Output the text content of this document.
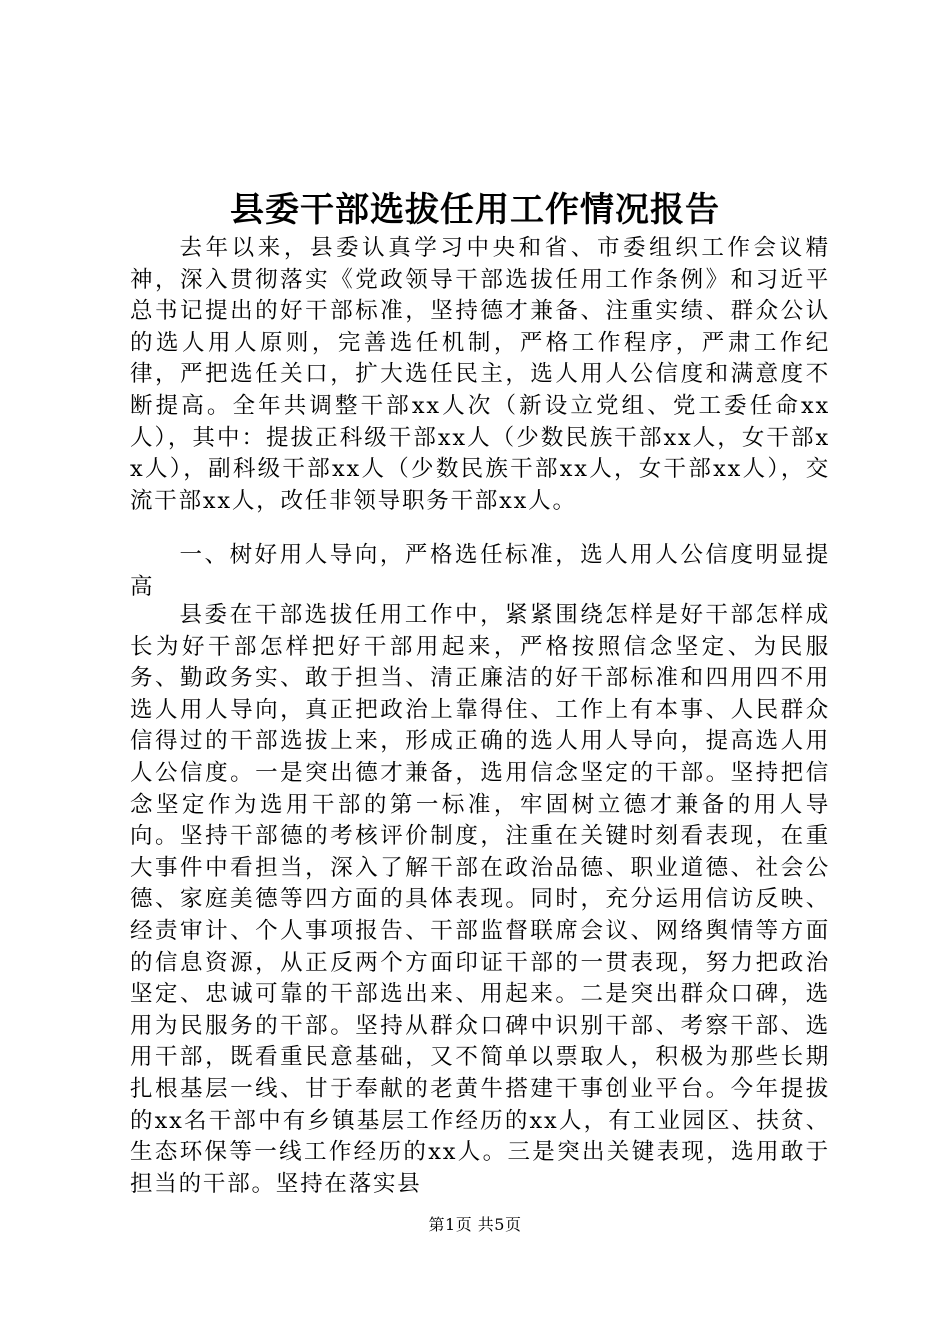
县委干部选拔任用工作情况报告

去年以来，县委认真学习中央和省、市委组织工作会议精神，深入贯彻落实《党政领导干部选拔任用工作条例》和习近平总书记提出的好干部标准，坚持德才兼备、注重实绩、群众公认的选人用人原则，完善选任机制，严格工作程序，严肃工作纪律，严把选任关口，扩大选任民主，选人用人公信度和满意度不断提高。全年共调整干部xx人次（新设立党组、党工委任命xx人），其中：提拔正科级干部xx人（少数民族干部xx人，女干部xx人），副科级干部xx人（少数民族干部xx人，女干部xx人），交流干部xx人，改任非领导职务干部xx人。

一、树好用人导向，严格选任标准，选人用人公信度明显提高

县委在干部选拔任用工作中，紧紧围绕怎样是好干部怎样成长为好干部怎样把好干部用起来，严格按照信念坚定、为民服务、勤政务实、敢于担当、清正廉洁的好干部标准和四用四不用选人用人导向，真正把政治上靠得住、工作上有本事、人民群众信得过的干部选拔上来，形成正确的选人用人导向，提高选人用人公信度。一是突出德才兼备，选用信念坚定的干部。坚持把信念坚定作为选用干部的第一标准，牢固树立德才兼备的用人导向。坚持干部德的考核评价制度，注重在关键时刻看表现，在重大事件中看担当，深入了解干部在政治品德、职业道德、社会公德、家庭美德等四方面的具体表现。同时，充分运用信访反映、经责审计、个人事项报告、干部监督联席会议、网络舆情等方面的信息资源，从正反两个方面印证干部的一贯表现，努力把政治坚定、忠诚可靠的干部选出来、用起来。二是突出群众口碑，选用为民服务的干部。坚持从群众口碑中识别干部、考察干部、选用干部，既看重民意基础，又不简单以票取人，积极为那些长期扎根基层一线、甘于奉献的老黄牛搭建干事创业平台。今年提拔的xx名干部中有乡镇基层工作经历的xx人，有工业园区、扶贫、生态环保等一线工作经历的xx人。三是突出关键表现，选用敢于担当的干部。坚持在落实县

第1页 共5页
